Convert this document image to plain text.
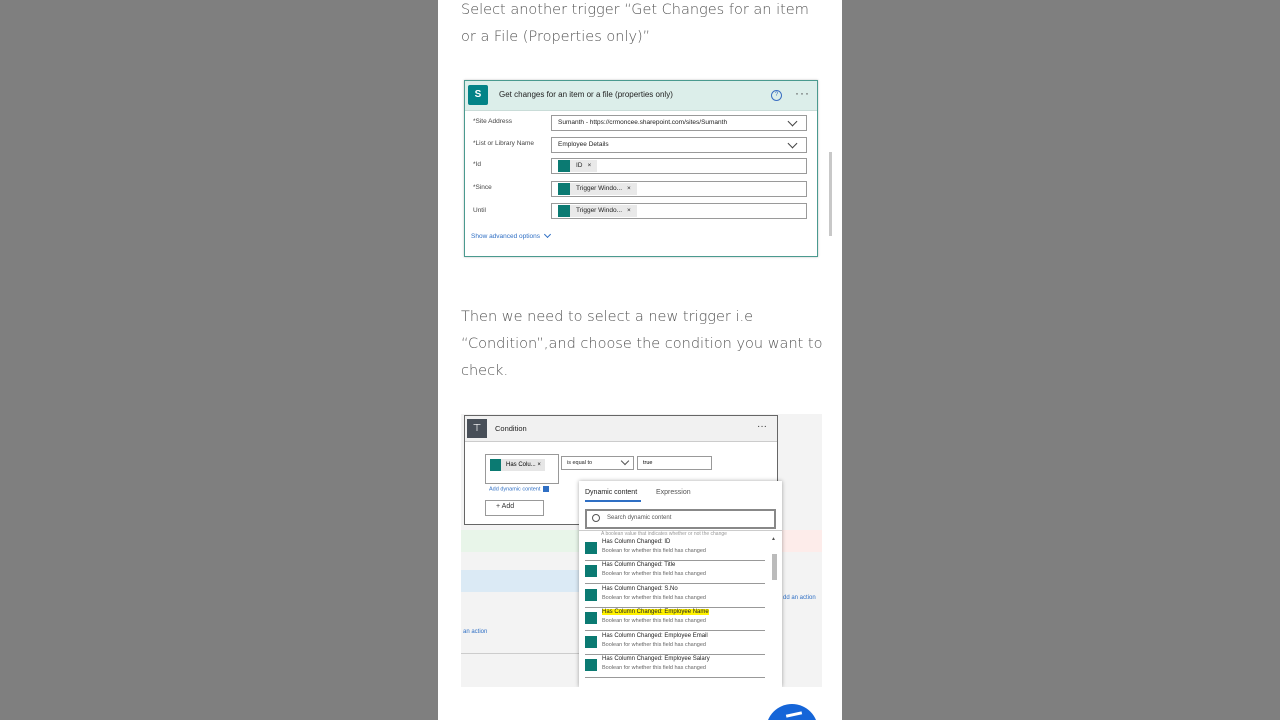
Select another trigger “Get Changes for an item or a File (Properties only)”
S	Get changes for an item or a file (properties only)	?	···
*Site Address	Sumanth - https://crmoncee.sharepoint.com/sites/Sumanth
*List or Library Name	Employee Details
*Id	ID ×
*Since	Trigger Windo... ×
Until	Trigger Windo... ×
Show advanced options
Then we need to select a new trigger i.e “Condition”,and choose the condition you want to check.
dd an action
an action
⊤	Condition	···
Has Colu... ×	is equal to	true
Add dynamic content
+ Add
Dynamic content	Expression
Search dynamic content
A boolean value that indicates whether or not the change
▲
Has Column Changed: ID
Boolean for whether this field has changed
Has Column Changed: Title
Boolean for whether this field has changed
Has Column Changed: S.No
Boolean for whether this field has changed
Has Column Changed: Employee Name
Boolean for whether this field has changed
Has Column Changed: Employee Email
Boolean for whether this field has changed
Has Column Changed: Employee Salary
Boolean for whether this field has changed
